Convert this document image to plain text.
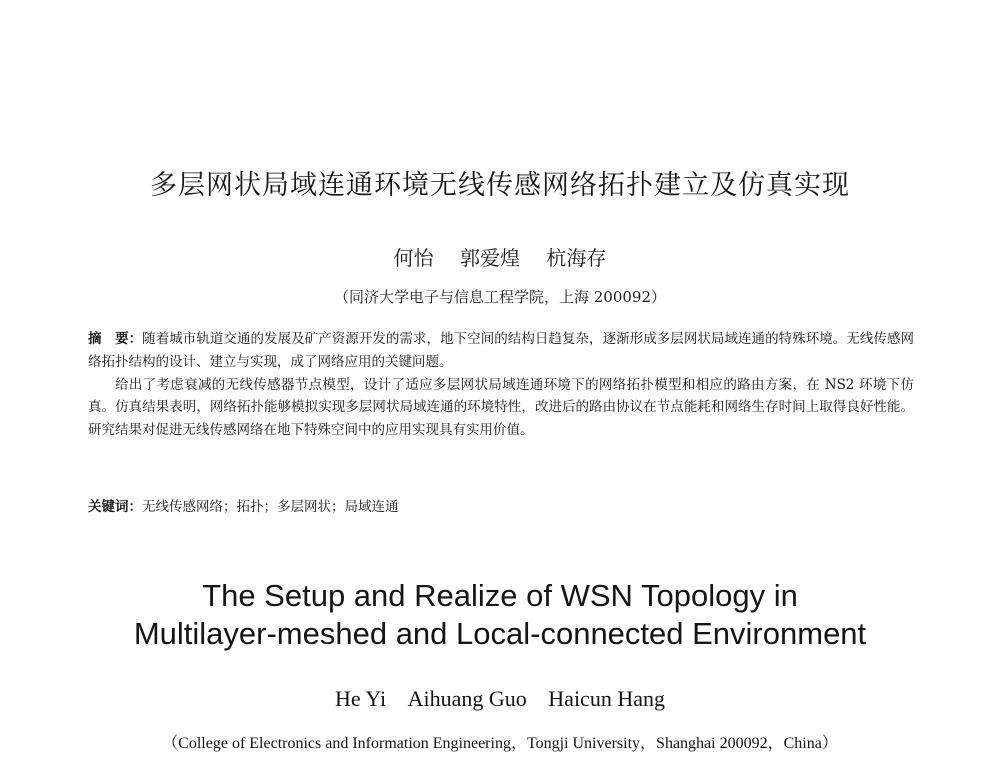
多层网状局域连通环境无线传感网络拓扑建立及仿真实现
何怡 郭爱煌 杭海存
（同济大学电子与信息工程学院，上海 200092）

摘　要：随着城市轨道交通的发展及矿产资源开发的需求，地下空间的结构日趋复杂，逐渐形成多层网状局域连通的特殊环境。无线传感网络拓扑结构的设计、建立与实现，成了网络应用的关键问题。

给出了考虑衰减的无线传感器节点模型，设计了适应多层网状局域连通环境下的网络拓扑模型和相应的路由方案，在 NS2 环境下仿真。仿真结果表明，网络拓扑能够模拟实现多层网状局域连通的环境特性，改进后的路由协议在节点能耗和网络生存时间上取得良好性能。研究结果对促进无线传感网络在地下特殊空间中的应用实现具有实用价值。

关键词：无线传感网络；拓扑；多层网状；局域连通
The Setup and Realize of WSN Topology in
Multilayer-meshed and Local-connected Environment
He Yi Aihuang Guo Haicun Hang
（College of Electronics and Information Engineering，Tongji University，Shanghai 200092，China）
